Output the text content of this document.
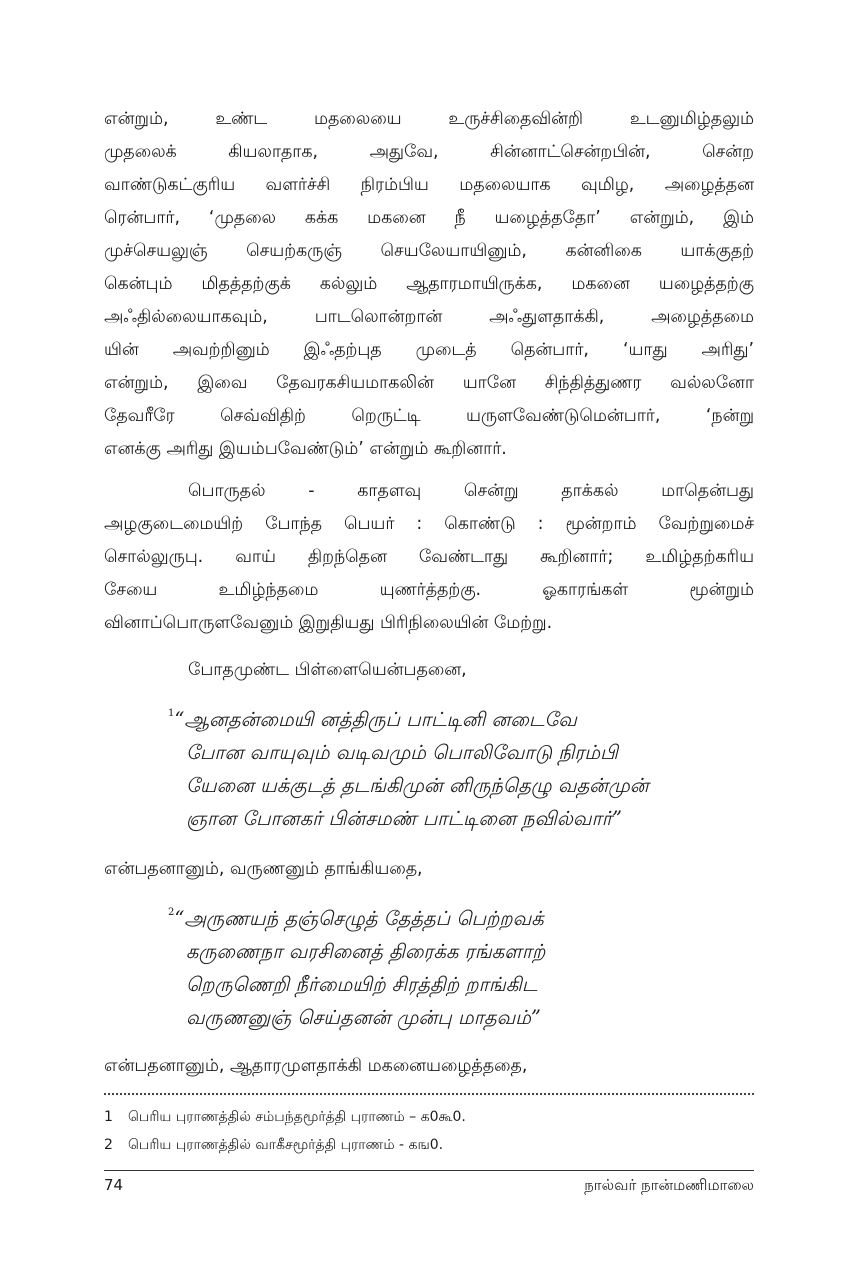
என்றும், உண்ட மதலையை உருச்சிதைவின்றி உடனுமிழ்தலும்
முதலைக் கியலாதாக, அதுவே, சின்னாட்சென்றபின், சென்ற
வாண்டுகட்குரிய வளர்ச்சி நிரம்பிய மதலையாக வுமிழ, அழைத்தன
ரென்பார், ‘முதலை கக்க மகனை நீ யழைத்ததோ’ என்றும், இம்
முச்செயலுஞ் செயற்கருஞ் செயலேயாயினும், கன்னிகை யாக்குதற்
கென்பும் மிதத்தற்குக் கல்லும் ஆதாரமாயிருக்க, மகனை யழைத்தற்கு
அஃதில்லையாகவும், பாடலொன்றான் அஃதுளதாக்கி, அழைத்தமை
யின் அவற்றினும் இஃதற்புத முடைத் தென்பார், ‘யாது அரிது’
என்றும், இவை தேவரகசியமாகலின் யானே சிந்தித்துணர வல்லனோ
தேவரீரே செவ்விதிற் றெருட்டி யருளவேண்டுமென்பார், ‘நன்று
எனக்கு அரிது இயம்பவேண்டும்’ என்றும் கூறினார்.
பொருதல் - காதளவு சென்று தாக்கல் மாதென்பது
அழகுடைமையிற் போந்த பெயர் : கொண்டு : மூன்றாம் வேற்றுமைச்
சொல்லுருபு. வாய் திறந்தென வேண்டாது கூறினார்; உமிழ்தற்கரிய
சேயை உமிழ்ந்தமை யுணர்த்தற்கு. ஓகாரங்கள் மூன்றும்
வினாப்பொருளவேனும் இறுதியது பிரிநிலையின் மேற்று.
போதமுண்ட பிள்ளையென்பதனை,
$^1$“ஆனதன்மையி னத்திருப் பாட்டினி னடைவே
போன வாயுவும் வடிவமும் பொலிவோடு நிரம்பி
யேனை யக்குடத் தடங்கிமுன் னிருந்தெழு வதன்முன்
ஞான போனகர் பின்சமண் பாட்டினை நவில்வார்”
என்பதனானும், வருணனும் தாங்கியதை,
$^2$“அருணயந் தஞ்செழுத் தேத்தப் பெற்றவக்
கருணைநா வரசினைத் திரைக்க ரங்களாற்
றெருணெறி நீர்மையிற் சிரத்திற் றாங்கிட
வருணனுஞ் செய்தனன் முன்பு மாதவம்”
என்பதனானும், ஆதாரமுளதாக்கி மகனையழைத்ததை,
1 பெரிய புராணத்தில் சம்பந்தமூர்த்தி புராணம் – க0கூ0.
2 பெரிய புராணத்தில் வாகீசமூர்த்தி புராணம் - கங0.
74	நால்வர் நான்மணிமாலை
